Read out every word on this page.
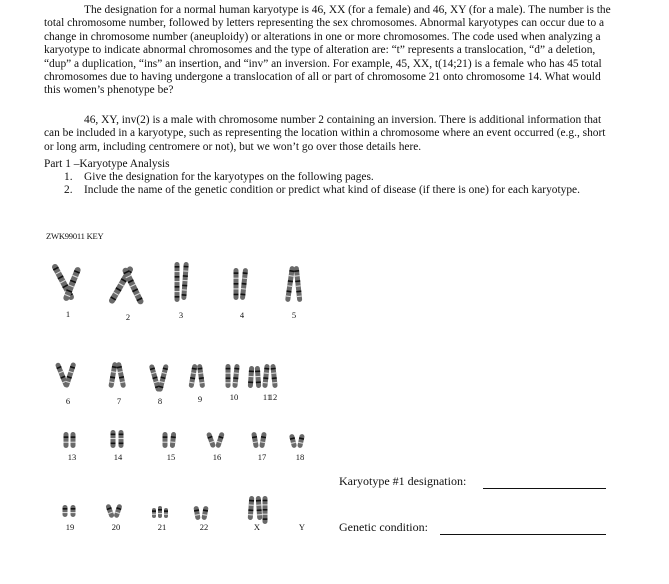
The designation for a normal human karyotype is 46, XX (for a female) and 46, XY (for a male). The number is the total chromosome number, followed by letters representing the sex chromosomes. Abnormal karyotypes can occur due to a change in chromosome number (aneuploidy) or alterations in one or more chromosomes. The code used when analyzing a karyotype to indicate abnormal chromosomes and the type of alteration are: “t” represents a translocation, “d” a deletion, “dup” a duplication, “ins” an insertion, and “inv” an inversion. For example, 45, XX, t(14;21) is a female who has 45 total chromosomes due to having undergone a translocation of all or part of chromosome 21 onto chromosome 14. What would this women’s phenotype be?

46, XY, inv(2) is a male with chromosome number 2 containing an inversion. There is additional information that can be included in a karyotype, such as representing the location within a chromosome where an event occurred (e.g., short or long arm, including centromere or not), but we won’t go over those details here.

Part 1 –Karyotype Analysis

1. Give the designation for the karyotypes on the following pages.
2. Include the name of the genetic condition or predict what kind of disease (if there is one) for each karyotype.
ZWK99011 KEY
1	2	3	4	5
6	7	8	9	10	11
12
13	14	15	16	17	18
19	20	21	22	X	Y
Karyotype #1 designation:
Genetic condition:
